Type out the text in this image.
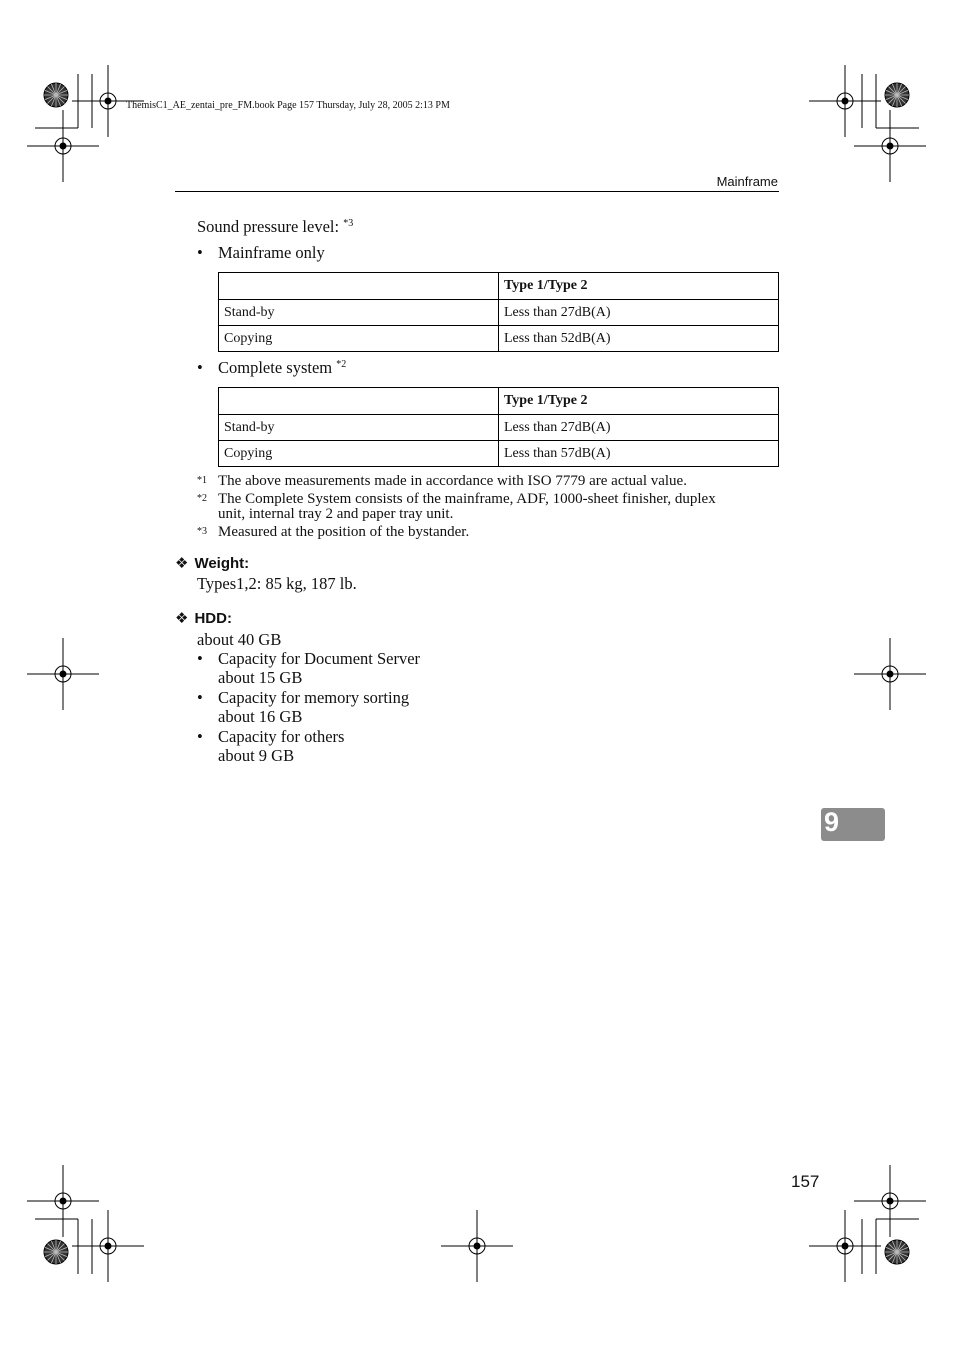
ThemisC1_AE_zentai_pre_FM.book Page 157 Thursday, July 28, 2005 2:13 PM
Mainframe
Sound pressure level: $^{*3}$
• Mainframe only
	Type 1/Type 2
Stand-by	Less than 27dB(A)
Copying	Less than 52dB(A)
• Complete system $^{*2}$
	Type 1/Type 2
Stand-by	Less than 27dB(A)
Copying	Less than 57dB(A)
*1 The above measurements made in accordance with ISO 7779 are actual value.
*2 The Complete System consists of the mainframe, ADF, 1000-sheet finisher, duplex
unit, internal tray 2 and paper tray unit.
*3 Measured at the position of the bystander.
❖ Weight:
Types1,2: 85 kg, 187 lb.
❖ HDD:
about 40 GB
• Capacity for Document Server
about 15 GB
• Capacity for memory sorting
about 16 GB
• Capacity for others
about 9 GB
9
157
